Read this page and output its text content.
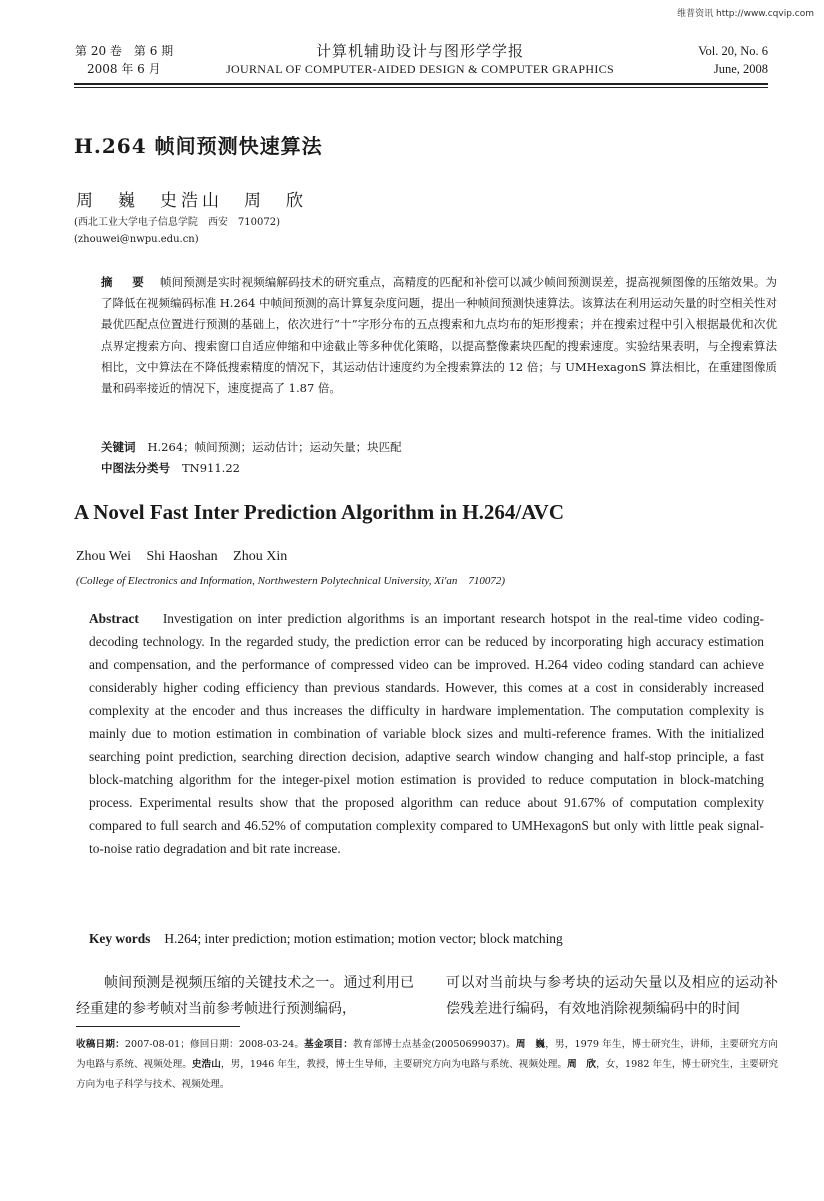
维普资讯 http://www.cqvip.com
第 20 卷　第 6 期
2008 年 6 月
计算机辅助设计与图形学学报
JOURNAL OF COMPUTER-AIDED DESIGN & COMPUTER GRAPHICS
Vol. 20, No. 6
June, 2008
H.264 帧间预测快速算法
周　巍　史浩山　周　欣
(西北工业大学电子信息学院　西安　710072)
(zhouwei@nwpu.edu.cn)
摘　要 帧间预测是实时视频编解码技术的研究重点，高精度的匹配和补偿可以减少帧间预测误差，提高视频图像的压缩效果。为了降低在视频编码标准 H.264 中帧间预测的高计算复杂度问题，提出一种帧间预测快速算法。该算法在利用运动矢量的时空相关性对最优匹配点位置进行预测的基础上，依次进行“十”字形分布的五点搜索和九点均布的矩形搜索；并在搜索过程中引入根据最优和次优点界定搜索方向、搜索窗口自适应伸缩和中途截止等多种优化策略，以提高整像素块匹配的搜索速度。实验结果表明，与全搜索算法相比，文中算法在不降低搜索精度的情况下，其运动估计速度约为全搜索算法的 12 倍；与 UMHexagonS 算法相比，在重建图像质量和码率接近的情况下，速度提高了 1.87 倍。
关键词 H.264；帧间预测；运动估计；运动矢量；块匹配
中图法分类号 TN911.22
A Novel Fast Inter Prediction Algorithm in H.264/AVC
Zhou Wei Shi Haoshan Zhou Xin
(College of Electronics and Information, Northwestern Polytechnical University, Xi'an　710072)
Abstract Investigation on inter prediction algorithms is an important research hotspot in the real-time video coding-decoding technology. In the regarded study, the prediction error can be reduced by incorporating high accuracy estimation and compensation, and the performance of compressed video can be improved. H.264 video coding standard can achieve considerably higher coding efficiency than previous standards. However, this comes at a cost in considerably increased complexity at the encoder and thus increases the difficulty in hardware implementation. The computation complexity is mainly due to motion estimation in combination of variable block sizes and multi-reference frames. With the initialized searching point prediction, searching direction decision, adaptive search window changing and half-stop principle, a fast block-matching algorithm for the integer-pixel motion estimation is provided to reduce computation in block-matching process. Experimental results show that the proposed algorithm can reduce about 91.67% of computation complexity compared to full search and 46.52% of computation complexity compared to UMHexagonS but only with little peak signal-to-noise ratio degradation and bit rate increase.
Key words H.264; inter prediction; motion estimation; motion vector; block matching
帧间预测是视频压缩的关键技术之一。通过利用已经重建的参考帧对当前参考帧进行预测编码，
可以对当前块与参考块的运动矢量以及相应的运动补偿残差进行编码，有效地消除视频编码中的时间
收稿日期：2007-08-01；修回日期：2008-03-24。基金项目：教育部博士点基金(20050699037)。周　巍，男，1979 年生，博士研究生，讲师，主要研究方向为电路与系统、视频处理。史浩山，男，1946 年生，教授，博士生导师，主要研究方向为电路与系统、视频处理。周　欣，女，1982 年生，博士研究生，主要研究方向为电子科学与技术、视频处理。
